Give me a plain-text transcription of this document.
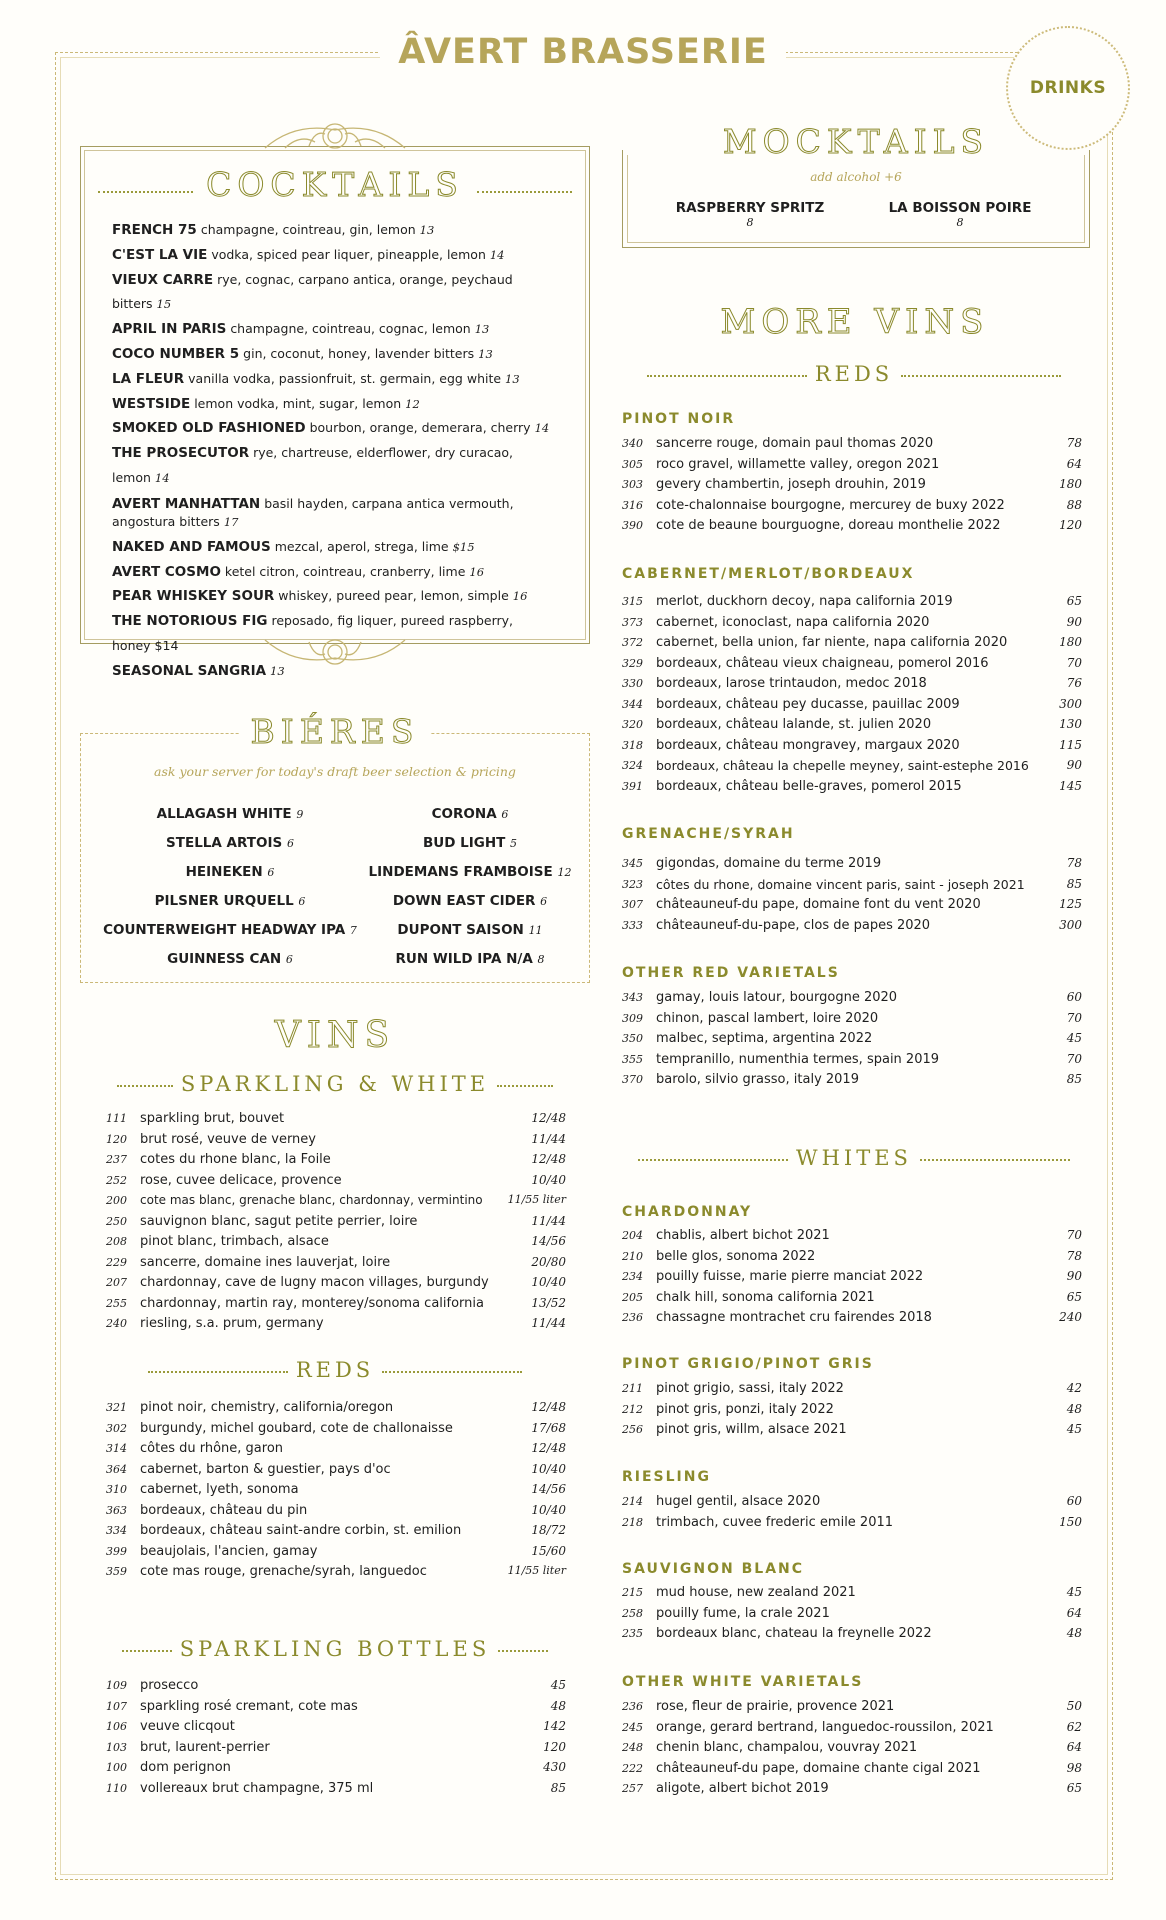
ÂVERT BRASSERIE
DRINKS
COCKTAILS
FRENCH 75 champagne, cointreau, gin, lemon 13
C'EST LA VIE vodka, spiced pear liquer, pineapple, lemon 14
VIEUX CARRE rye, cognac, carpano antica, orange, peychaud bitters 15
APRIL IN PARIS champagne, cointreau, cognac, lemon 13
COCO NUMBER 5 gin, coconut, honey, lavender bitters 13
LA FLEUR vanilla vodka, passionfruit, st. germain, egg white 13
WESTSIDE lemon vodka, mint, sugar, lemon 12
SMOKED OLD FASHIONED bourbon, orange, demerara, cherry 14
THE PROSECUTOR rye, chartreuse, elderflower, dry curacao, lemon 14
AVERT MANHATTAN basil hayden, carpana antica vermouth,
angostura bitters 17
NAKED AND FAMOUS mezcal, aperol, strega, lime $15
AVERT COSMO ketel citron, cointreau, cranberry, lime 16
PEAR WHISKEY SOUR whiskey, pureed pear, lemon, simple 16
THE NOTORIOUS FIG reposado, fig liquer, pureed raspberry, honey $14
SEASONAL SANGRIA 13
MOCKTAILS
add alcohol +6
RASPBERRY SPRITZ
8
LA BOISSON POIRE
8
BIÉRES
ask your server for today's draft beer selection & pricing
ALLAGASH WHITE 9
STELLA ARTOIS 6
HEINEKEN 6
PILSNER URQUELL 6
COUNTERWEIGHT HEADWAY IPA 7
GUINNESS CAN 6
CORONA 6
BUD LIGHT 5
LINDEMANS FRAMBOISE 12
DOWN EAST CIDER 6
DUPONT SAISON 11
RUN WILD IPA N/A 8
VINS
SPARKLING & WHITE
111	sparkling brut, bouvet	12/48
120	brut rosé, veuve de verney	11/44
237	cotes du rhone blanc, la Foile	12/48
252	rose, cuvee delicace, provence	10/40
200	cote mas blanc, grenache blanc, chardonnay, vermintino 11/55 liter
250	sauvignon blanc, sagut petite perrier, loire	11/44
208	pinot blanc, trimbach, alsace	14/56
229	sancerre, domaine ines lauverjat, loire	20/80
207	chardonnay, cave de lugny macon villages, burgundy	10/40
255	chardonnay, martin ray, monterey/sonoma california	13/52
240	riesling, s.a. prum, germany	11/44
REDS
321	pinot noir, chemistry, california/oregon	12/48
302	burgundy, michel goubard, cote de challonaisse	17/68
314	côtes du rhône, garon	12/48
364	cabernet, barton & guestier, pays d'oc	10/40
310	cabernet, lyeth, sonoma	14/56
363	bordeaux, château du pin	10/40
334	bordeaux, château saint-andre corbin, st. emilion	18/72
399	beaujolais, l'ancien, gamay	15/60
359	cote mas rouge, grenache/syrah, languedoc	11/55 liter
SPARKLING BOTTLES
109	prosecco	45
107	sparkling rosé cremant, cote mas	48
106	veuve clicqout	142
103	brut, laurent-perrier	120
100	dom perignon	430
110	vollereaux brut champagne, 375 ml	85
MORE VINS
REDS
PINOT NOIR
340	sancerre rouge, domain paul thomas 2020	78
305	roco gravel, willamette valley, oregon 2021	64
303	gevery chambertin, joseph drouhin, 2019	180
316	cote-chalonnaise bourgogne, mercurey de buxy 2022	88
390	cote de beaune bourguogne, doreau monthelie 2022	120
CABERNET/MERLOT/BORDEAUX
315	merlot, duckhorn decoy, napa california 2019	65
373	cabernet, iconoclast, napa california 2020	90
372	cabernet, bella union, far niente, napa california 2020	180
329	bordeaux, château vieux chaigneau, pomerol 2016	70
330	bordeaux, larose trintaudon, medoc 2018	76
344	bordeaux, château pey ducasse, pauillac 2009	300
320	bordeaux, château lalande, st. julien 2020	130
318	bordeaux, château mongravey, margaux 2020	115
324	bordeaux, château la chepelle meyney, saint-estephe 2016	90
391	bordeaux, château belle-graves, pomerol 2015	145
GRENACHE/SYRAH
345	gigondas, domaine du terme 2019	78
323	côtes du rhone, domaine vincent paris, saint - joseph 2021	85
307	châteauneuf-du pape, domaine font du vent 2020	125
333	châteauneuf-du-pape, clos de papes 2020	300
OTHER RED VARIETALS
343	gamay, louis latour, bourgogne 2020	60
309	chinon, pascal lambert, loire 2020	70
350	malbec, septima, argentina 2022	45
355	tempranillo, numenthia termes, spain 2019	70
370	barolo, silvio grasso, italy 2019	85
WHITES
CHARDONNAY
204	chablis, albert bichot 2021	70
210	belle glos, sonoma 2022	78
234	pouilly fuisse, marie pierre manciat 2022	90
205	chalk hill, sonoma california 2021	65
236	chassagne montrachet cru fairendes 2018	240
PINOT GRIGIO/PINOT GRIS
211	pinot grigio, sassi, italy 2022	42
212	pinot gris, ponzi, italy 2022	48
256	pinot gris, willm, alsace 2021	45
RIESLING
214	hugel gentil, alsace 2020	60
218	trimbach, cuvee frederic emile 2011	150
SAUVIGNON BLANC
215	mud house, new zealand 2021	45
258	pouilly fume, la crale 2021	64
235	bordeaux blanc, chateau la freynelle 2022	48
OTHER WHITE VARIETALS
236	rose, fleur de prairie, provence 2021	50
245	orange, gerard bertrand, languedoc-roussilon, 2021	62
248	chenin blanc, champalou, vouvray 2021	64
222	châteauneuf-du pape, domaine chante cigal 2021	98
257	aligote, albert bichot 2019	65
